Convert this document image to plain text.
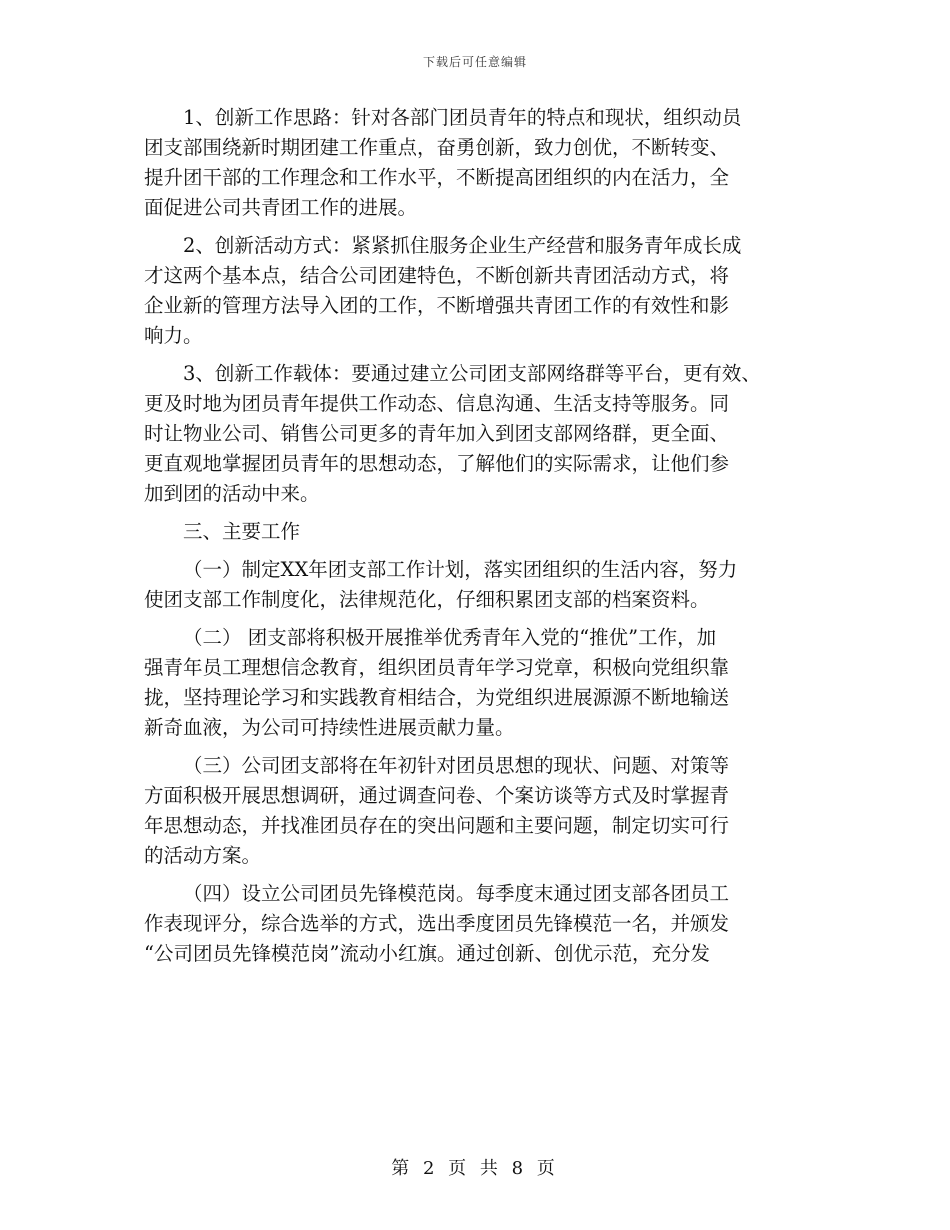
下载后可任意编辑

1、创新工作思路：针对各部门团员青年的特点和现状，组织动员
团支部围绕新时期团建工作重点，奋勇创新，致力创优，不断转变、
提升团干部的工作理念和工作水平，不断提高团组织的内在活力，全
面促进公司共青团工作的进展。

2、创新活动方式：紧紧抓住服务企业生产经营和服务青年成长成
才这两个基本点，结合公司团建特色，不断创新共青团活动方式，将
企业新的管理方法导入团的工作，不断增强共青团工作的有效性和影
响力。

3、创新工作载体：要通过建立公司团支部网络群等平台，更有效、
更及时地为团员青年提供工作动态、信息沟通、生活支持等服务。同
时让物业公司、销售公司更多的青年加入到团支部网络群，更全面、
更直观地掌握团员青年的思想动态，了解他们的实际需求，让他们参
加到团的活动中来。

三、主要工作

（一）制定XX年团支部工作计划，落实团组织的生活内容，努力
使团支部工作制度化，法律规范化，仔细积累团支部的档案资料。

（二） 团支部将积极开展推举优秀青年入党的“推优”工作，加
强青年员工理想信念教育，组织团员青年学习党章，积极向党组织靠
拢，坚持理论学习和实践教育相结合，为党组织进展源源不断地输送
新奇血液，为公司可持续性进展贡献力量。

（三）公司团支部将在年初针对团员思想的现状、问题、对策等
方面积极开展思想调研，通过调查问卷、个案访谈等方式及时掌握青
年思想动态，并找准团员存在的突出问题和主要问题，制定切实可行
的活动方案。

（四）设立公司团员先锋模范岗。每季度末通过团支部各团员工
作表现评分，综合选举的方式，选出季度团员先锋模范一名，并颁发
“公司团员先锋模范岗”流动小红旗。通过创新、创优示范，充分发

第 2 页 共 8 页
